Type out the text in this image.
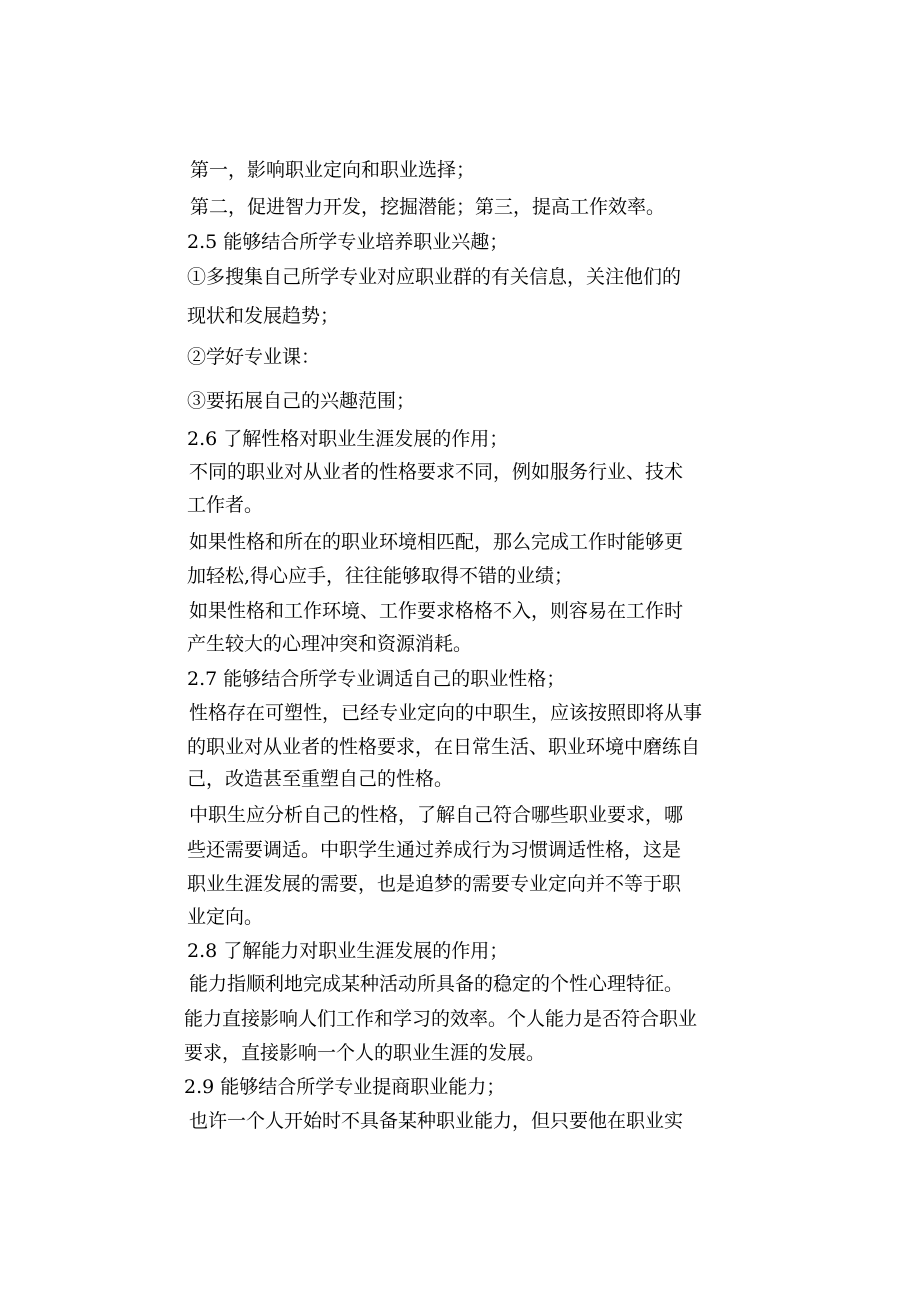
第一，影响职业定向和职业选择；

第二，促进智力开发，挖掘潜能；第三，提高工作效率。

2.5 能够结合所学专业培养职业兴趣；

①多搜集自己所学专业对应职业群的有关信息，关注他们的

现状和发展趋势；

②学好专业课：

③要拓展自己的兴趣范围；

2.6 了解性格对职业生涯发展的作用；

不同的职业对从业者的性格要求不同，例如服务行业、技术

工作者。

如果性格和所在的职业环境相匹配，那么完成工作时能够更

加轻松,得心应手，往往能够取得不错的业绩；

如果性格和工作环境、工作要求格格不入，则容易在工作时

产生较大的心理冲突和资源消耗。

2.7 能够结合所学专业调适自己的职业性格；

性格存在可塑性，已经专业定向的中职生，应该按照即将从事

的职业对从业者的性格要求，在日常生活、职业环境中磨练自

己，改造甚至重塑自己的性格。

中职生应分析自己的性格，了解自己符合哪些职业要求，哪

些还需要调适。中职学生通过养成行为习惯调适性格，这是

职业生涯发展的需要，也是追梦的需要专业定向并不等于职

业定向。

2.8 了解能力对职业生涯发展的作用；

能力指顺利地完成某种活动所具备的稳定的个性心理特征。

能力直接影响人们工作和学习的效率。个人能力是否符合职业

要求，直接影响一个人的职业生涯的发展。

2.9 能够结合所学专业提商职业能力；

也许一个人开始时不具备某种职业能力，但只要他在职业实
